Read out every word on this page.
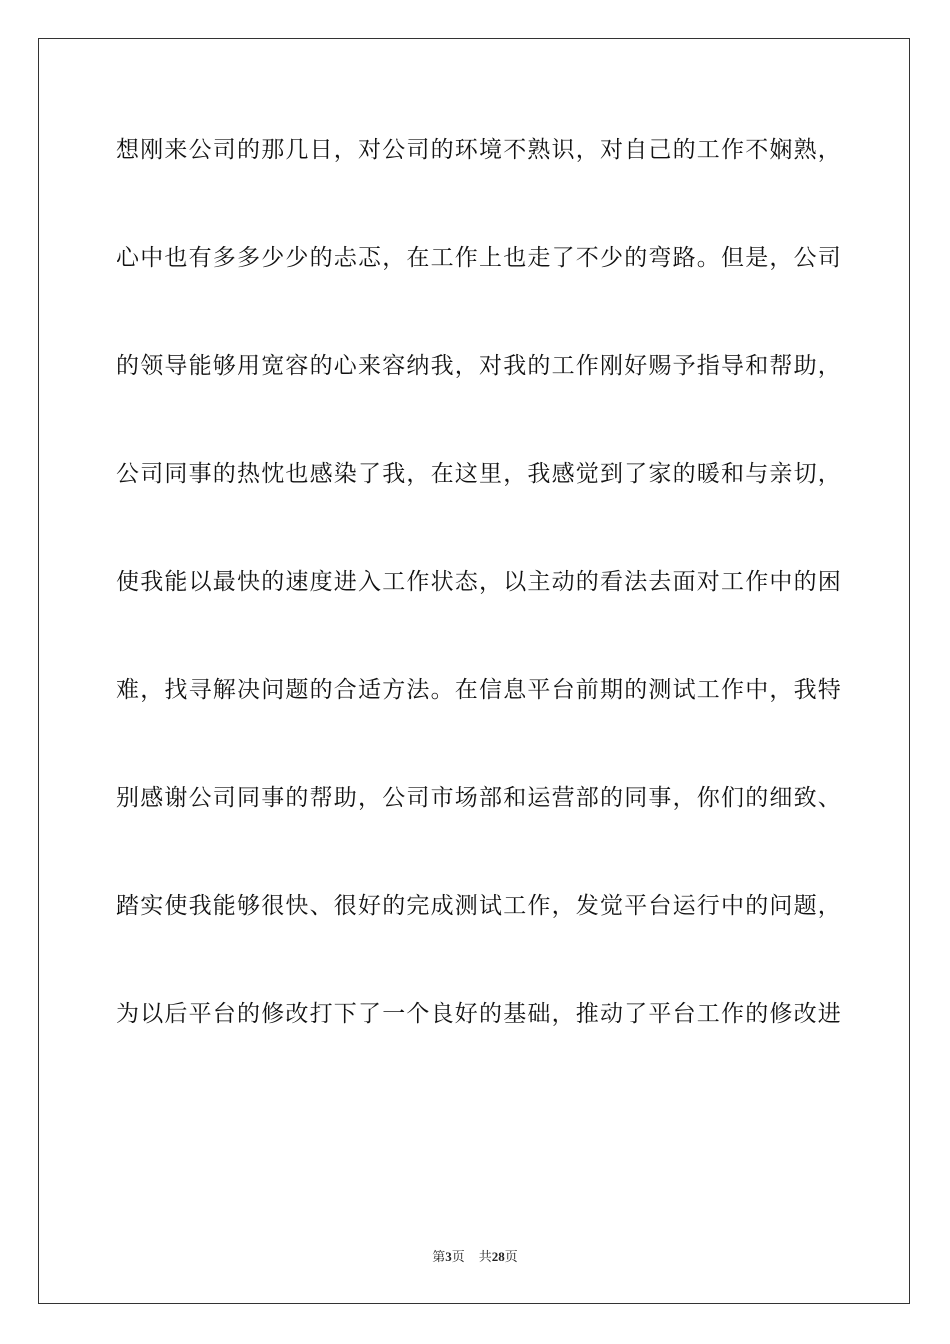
想刚来公司的那几日，对公司的环境不熟识，对自己的工作不娴熟，
心中也有多多少少的忐忑，在工作上也走了不少的弯路。但是，公司
的领导能够用宽容的心来容纳我，对我的工作刚好赐予指导和帮助，
公司同事的热忱也感染了我，在这里，我感觉到了家的暖和与亲切，
使我能以最快的速度进入工作状态，以主动的看法去面对工作中的困
难，找寻解决问题的合适方法。在信息平台前期的测试工作中，我特
别感谢公司同事的帮助，公司市场部和运营部的同事，你们的细致、
踏实使我能够很快、很好的完成测试工作，发觉平台运行中的问题，
为以后平台的修改打下了一个良好的基础，推动了平台工作的修改进
第3页 共28页
